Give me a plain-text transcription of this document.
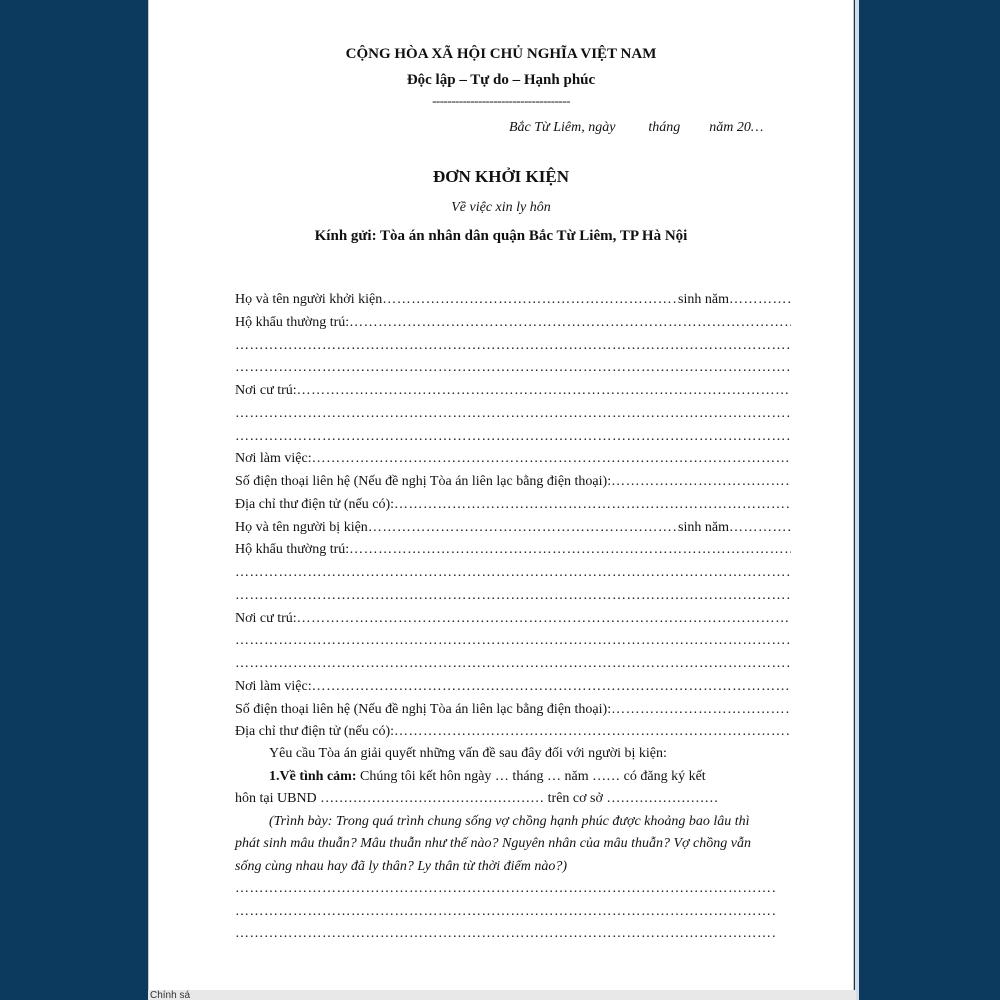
CỘNG HÒA XÃ HỘI CHỦ NGHĨA VIỆT NAM
Độc lập – Tự do – Hạnh phúc
------------------------------------
Bắc Từ Liêm, ngày tháng năm 20…
ĐƠN KHỞI KIỆN
Về việc xin ly hôn
Kính gửi: Tòa án nhân dân quận Bắc Từ Liêm, TP Hà Nội
Họ và tên người khởi kiện …………………………………………………………………………………………………………………………………………………………………	sinh năm
…………………………………………………………………………………………………………………………………………………………………
Hộ khẩu thường trú:
…………………………………………………………………………………………………………………………………………………………………
…………………………………………………………………………………………………………………………………………………………………
…………………………………………………………………………………………………………………………………………………………………
Nơi cư trú:
…………………………………………………………………………………………………………………………………………………………………
…………………………………………………………………………………………………………………………………………………………………
…………………………………………………………………………………………………………………………………………………………………
Nơi làm việc:
…………………………………………………………………………………………………………………………………………………………………
Số điện thoại liên hệ (Nếu đề nghị Tòa án liên lạc bằng điện thoại):
…………………………………………………………………………………………………………………………………………………………………
Địa chỉ thư điện tử (nếu có):
…………………………………………………………………………………………………………………………………………………………………
Họ và tên người bị kiện …………………………………………………………………………………………………………………………………………………………………	sinh năm
…………………………………………………………………………………………………………………………………………………………………
Hộ khẩu thường trú:
…………………………………………………………………………………………………………………………………………………………………
…………………………………………………………………………………………………………………………………………………………………
…………………………………………………………………………………………………………………………………………………………………
Nơi cư trú:
…………………………………………………………………………………………………………………………………………………………………
…………………………………………………………………………………………………………………………………………………………………
…………………………………………………………………………………………………………………………………………………………………
Nơi làm việc:
…………………………………………………………………………………………………………………………………………………………………
Số điện thoại liên hệ (Nếu đề nghị Tòa án liên lạc bằng điện thoại):
…………………………………………………………………………………………………………………………………………………………………
Địa chỉ thư điện tử (nếu có):
…………………………………………………………………………………………………………………………………………………………………

Yêu cầu Tòa án giải quyết những vấn đề sau đây đối với người bị kiện:

1.Về tình cảm: Chúng tôi kết hôn ngày … tháng … năm …… có đăng ký kết

hôn tại UBND ………………………………………… trên cơ sở ……………………

(Trình bày: Trong quá trình chung sống vợ chồng hạnh phúc được khoảng bao lâu thì phát sinh mâu thuẫn? Mâu thuẫn như thế nào? Nguyên nhân của mâu thuẫn? Vợ chồng vẫn sống cùng nhau hay đã ly thân? Ly thân từ thời điểm nào?)

……………………………………………………………………………………………………………………………………………………
……………………………………………………………………………………………………………………………………………………
……………………………………………………………………………………………………………………………………………………
Chính sá
